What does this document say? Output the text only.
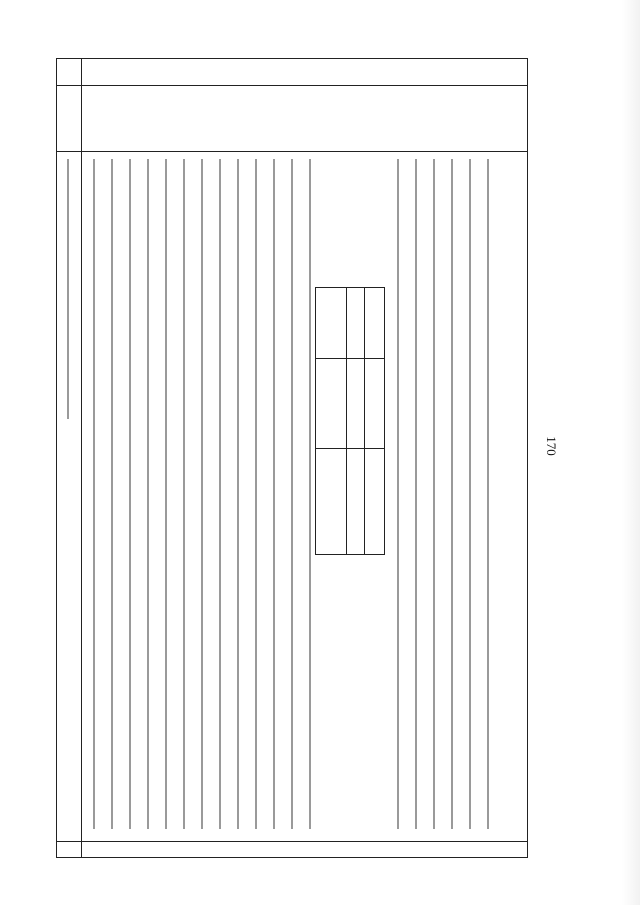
170
